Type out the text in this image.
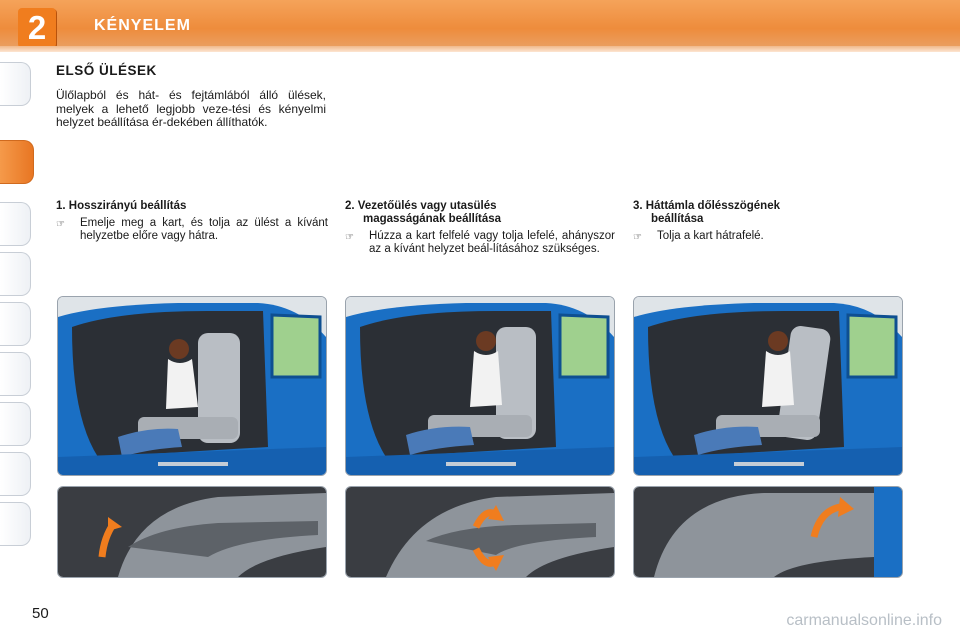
2	KÉNYELEM
ELSŐ ÜLÉSEK
Ülőlapból és hát- és fejtámlából álló ülések, melyek a lehető legjobb veze-tési és kényelmi helyzet beállítása ér-dekében állíthatók.
1. Hosszirányú beállítás
☞	Emelje meg a kart, és tolja az ülést a kívánt helyzetbe előre vagy hátra.
2. Vezetőülés vagy utasülés
magasságának beállítása
☞	Húzza a kart felfelé vagy tolja lefelé, ahányszor az a kívánt helyzet beál-lításához szükséges.
3. Háttámla dőlésszögének
beállítása
☞	Tolja a kart hátrafelé.
50	carmanualsonline.info
